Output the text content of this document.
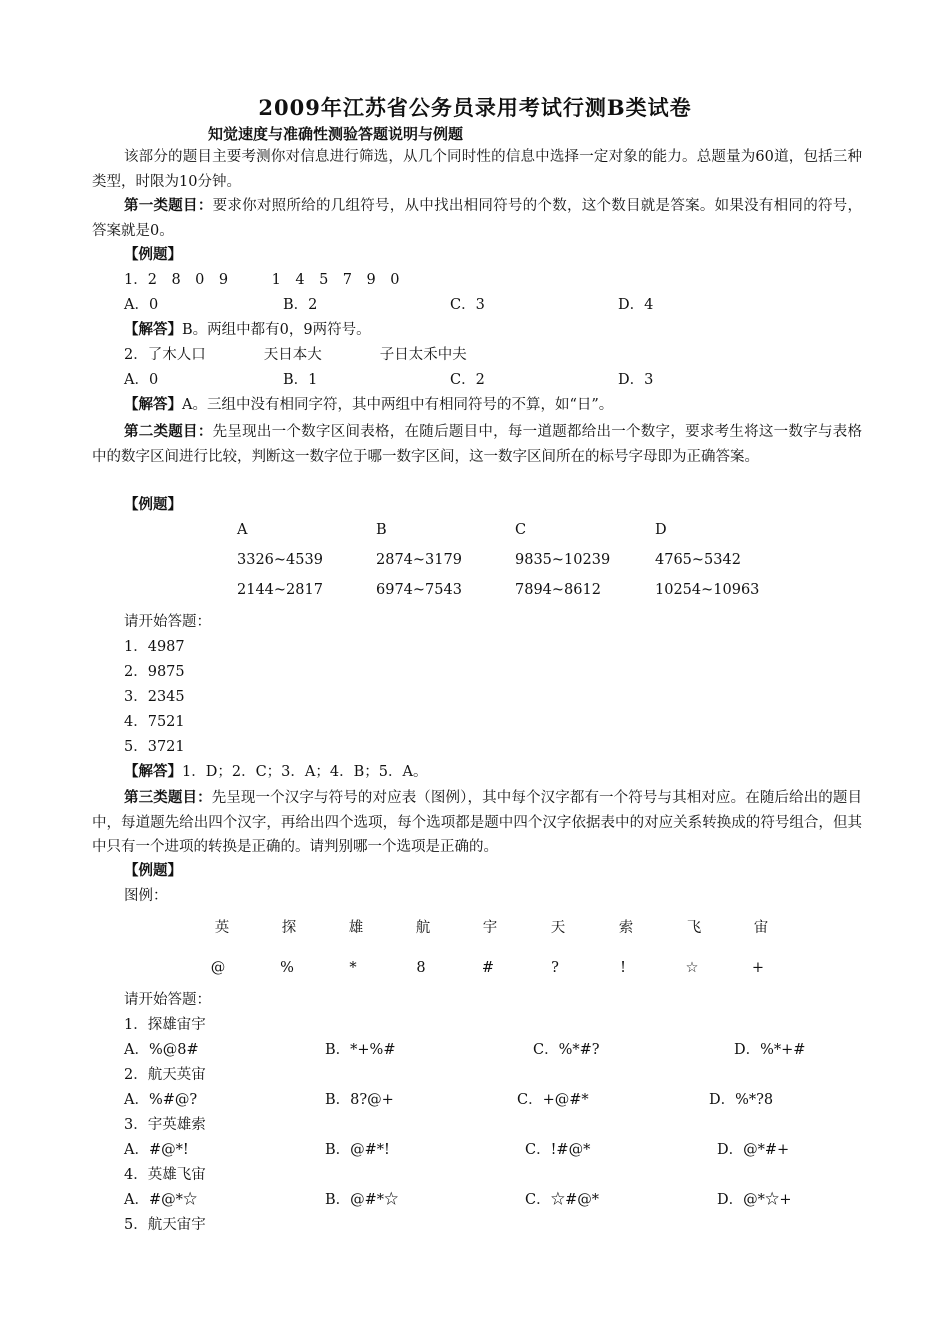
2009年江苏省公务员录用考试行测B类试卷
知觉速度与准确性测验答题说明与例题
该部分的题目主要考测你对信息进行筛选，从几个同时性的信息中选择一定对象的能力。总题量为60道，包括三种类型，时限为10分钟。
第一类题目：要求你对照所给的几组符号，从中找出相同符号的个数，这个数目就是答案。如果没有相同的符号，答案就是0。
【例题】
1．2　8　0　9　　　1　4　5　7　9　0
A．0	B．2	C．3	D．4
【解答】B。两组中都有0，9两符号。
2．了木人口　　　　天日本大　　　　子日太禾中夫
A．0	B．1	C．2	D．3
【解答】A。三组中没有相同字符，其中两组中有相同符号的不算，如“日”。
第二类题目：先呈现出一个数字区间表格，在随后题目中，每一道题都给出一个数字，要求考生将这一数字与表格中的数字区间进行比较，判断这一数字位于哪一数字区间，这一数字区间所在的标号字母即为正确答案。
【例题】
A	B	C	D
3326~4539	2874~3179	9835~10239	4765~5342
2144~2817	6974~7543	7894~8612	10254~10963
请开始答题：
1．4987
2．9875
3．2345
4．7521
5．3721
【解答】1．D；2．C；3．A；4．B；5．A。
第三类题目：先呈现一个汉字与符号的对应表（图例），其中每个汉字都有一个符号与其相对应。在随后给出的题目中，每道题先给出四个汉字，再给出四个选项，每个选项都是题中四个汉字依据表中的对应关系转换成的符号组合，但其中只有一个进项的转换是正确的。请判别哪一个选项是正确的。
【例题】
图例：
英	探	雄	航	宇	天	索	飞	宙
@	%	*	8	#	?	!	☆	+
请开始答题：
1．探雄宙宇
A．%@8#	B．*+%#	C．%*#?	D．%*+#
2．航天英宙
A．%#@?	B．8?@+	C．+@#*	D．%*?8
3．宇英雄索
A．#@*!	B．@#*!	C．!#@*	D．@*#+
4．英雄飞宙
A．#@*☆	B．@#*☆	C．☆#@*	D．@*☆+
5．航天宙宇
